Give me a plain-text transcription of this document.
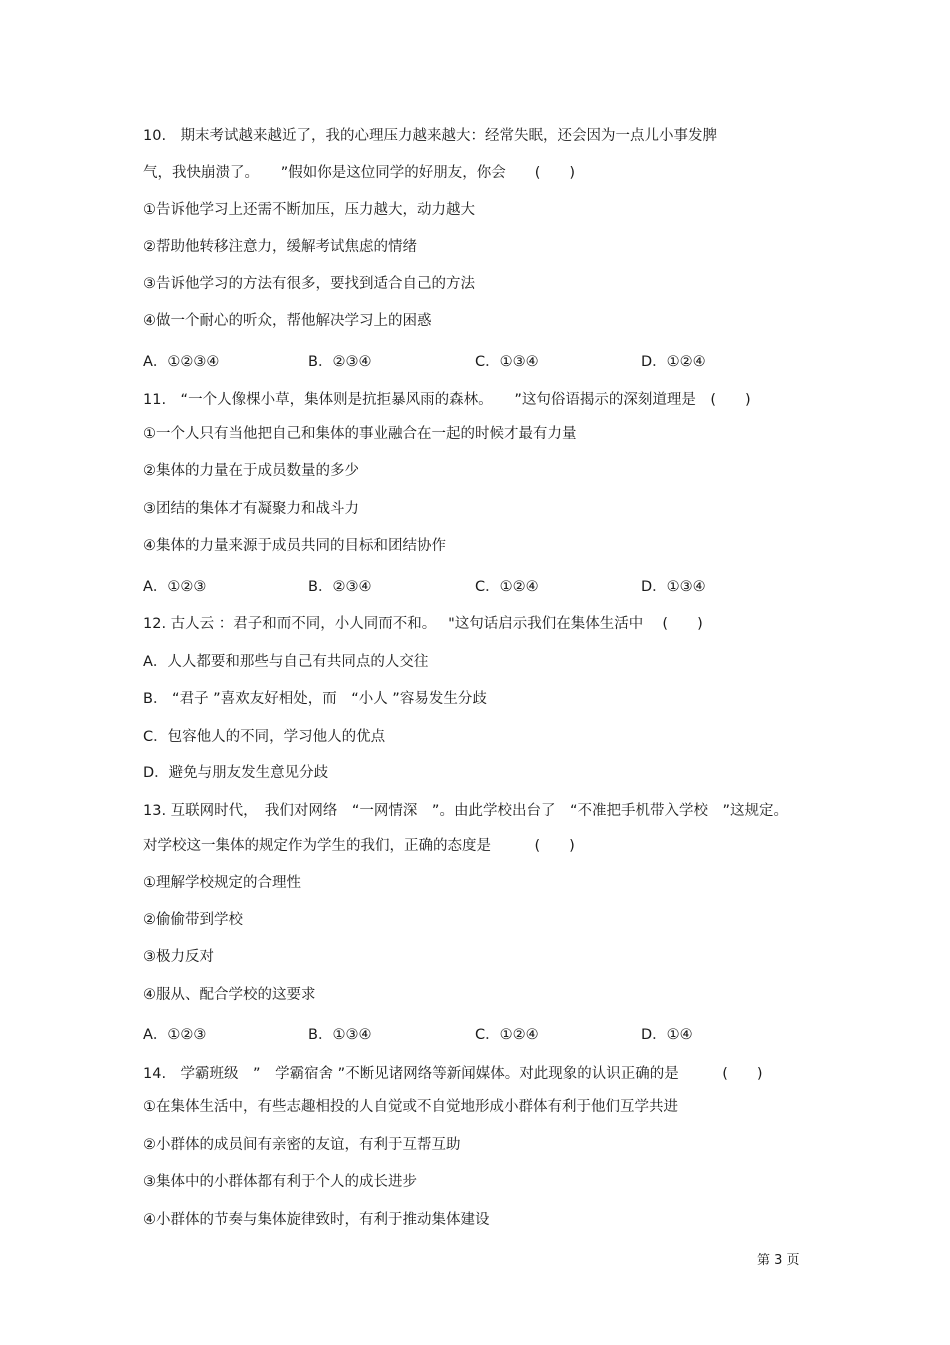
10.　期末考试越来越近了，我的心理压力越来越大：经常失眠，还会因为一点儿小事发脾
气，我快崩溃了。　　”假如你是这位同学的好朋友，你会　　(　　)
①告诉他学习上还需不断加压，压力越大，动力越大
②帮助他转移注意力，缓解考试焦虑的情绪
③告诉他学习的方法有很多，要找到适合自己的方法
④做一个耐心的听众，帮他解决学习上的困惑
A．①②③④	B．②③④	C．①③④	D．①②④
11.　“一个人像棵小草，集体则是抗拒暴风雨的森林。　　”这句俗语揭示的深刻道理是　(　　)
①一个人只有当他把自己和集体的事业融合在一起的时候才最有力量
②集体的力量在于成员数量的多少
③团结的集体才有凝聚力和战斗力
④集体的力量来源于成员共同的目标和团结协作
A．①②③	B．②③④	C．①②④	D．①③④
12. 古人云 ：君子和而不同，小人同而不和。　 "这句话启示我们在集体生活中　 (　　)
A．人人都要和那些与自己有共同点的人交往
B． “君子 ”喜欢友好相处，而　“小人 ”容易发生分歧
C．包容他人的不同，学习他人的优点
D．避免与朋友发生意见分歧
13. 互联网时代，　我们对网络　“一网情深　”。由此学校出台了　“不准把手机带入学校　”这规定。
对学校这一集体的规定作为学生的我们，正确的态度是　　　(　　)
①理解学校规定的合理性
②偷偷带到学校
③极力反对
④服从、配合学校的这要求
A．①②③	B．①③④	C．①②④	D．①④
14.　学霸班级　”　学霸宿舍 ”不断见诸网络等新闻媒体。对此现象的认识正确的是　　　(　　)
①在集体生活中，有些志趣相投的人自觉或不自觉地形成小群体有利于他们互学共进
②小群体的成员间有亲密的友谊，有利于互帮互助
③集体中的小群体都有利于个人的成长进步
④小群体的节奏与集体旋律致时，有利于推动集体建设
第 3 页
